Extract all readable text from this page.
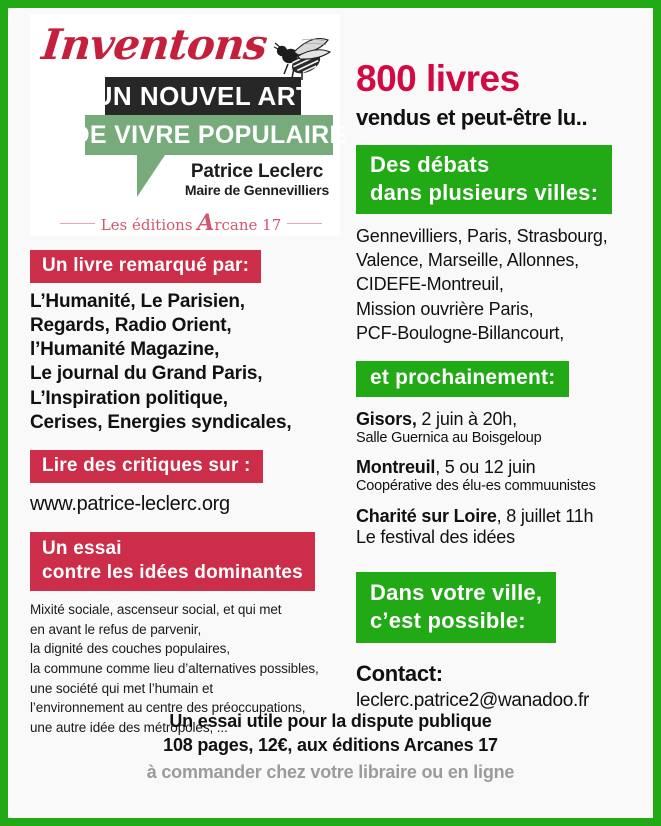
Inventons
UN NOUVEL ART
DE VIVRE POPULAIRE
Patrice Leclerc
Maire de Gennevilliers
Les éditions Arcane 17
Un livre remarqué par:
L’Humanité, Le Parisien,
Regards, Radio Orient,
l’Humanité Magazine,
Le journal du Grand Paris,
L’Inspiration politique,
Cerises, Energies syndicales,
Lire des critiques sur :
www.patrice-leclerc.org
Un essai
contre les idées dominantes
Mixité sociale, ascenseur social, et qui met
en avant le refus de parvenir,
la dignité des couches populaires,
la commune comme lieu d’alternatives possibles,
une société qui met l’humain et
l’environnement au centre des préoccupations,
une autre idée des métropoles, ...
800 livres
vendus et peut-être lu..
Des débats
dans plusieurs villes:
Gennevilliers, Paris, Strasbourg,
Valence, Marseille, Allonnes,
CIDEFE-Montreuil,
Mission ouvrière Paris,
PCF-Boulogne-Billancourt,
et prochainement:
Gisors, 2 juin à 20h,
Salle Guernica au Boisgeloup
Montreuil, 5 ou 12 juin
Coopérative des élu-es commuunistes
Charité sur Loire, 8 juillet 11h
Le festival des idées
Dans votre ville,
c’est possible:
Contact:
leclerc.patrice2@wanadoo.fr
Un essai utile pour la dispute publique
108 pages, 12€, aux éditions Arcanes 17
à commander chez votre libraire ou en ligne
